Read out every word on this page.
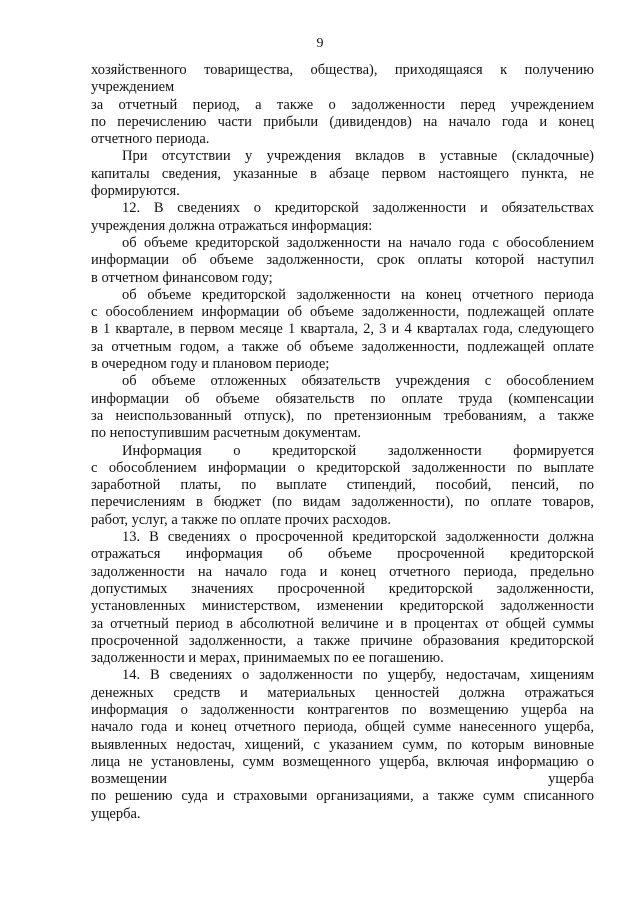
9
хозяйственного товарищества, общества), приходящаяся к получению
учреждением
за отчетный период, а также о задолженности перед учреждением
по перечислению части прибыли (дивидендов) на начало года и конец
отчетного периода.
При отсутствии у учреждения вкладов в уставные (складочные)
капиталы сведения, указанные в абзаце первом настоящего пункта, не
формируются.
12. В сведениях о кредиторской задолженности и обязательствах
учреждения должна отражаться информация:
об объеме кредиторской задолженности на начало года с обособлением
информации об объеме задолженности, срок оплаты которой наступил
в отчетном финансовом году;
об объеме кредиторской задолженности на конец отчетного периода
с обособлением информации об объеме задолженности, подлежащей оплате
в 1 квартале, в первом месяце 1 квартала, 2, 3 и 4 кварталах года, следующего
за отчетным годом, а также об объеме задолженности, подлежащей оплате
в очередном году и плановом периоде;
об объеме отложенных обязательств учреждения с обособлением
информации об объеме обязательств по оплате труда (компенсации
за неиспользованный отпуск), по претензионным требованиям, а также
по непоступившим расчетным документам.
Информация о кредиторской задолженности формируется
с обособлением информации о кредиторской задолженности по выплате
заработной платы, по выплате стипендий, пособий, пенсий, по
перечислениям в бюджет (по видам задолженности), по оплате товаров,
работ, услуг, а также по оплате прочих расходов.
13. В сведениях о просроченной кредиторской задолженности должна
отражаться информация об объеме просроченной кредиторской
задолженности на начало года и конец отчетного периода, предельно
допустимых значениях просроченной кредиторской задолженности,
установленных министерством, изменении кредиторской задолженности
за отчетный период в абсолютной величине и в процентах от общей суммы
просроченной задолженности, а также причине образования кредиторской
задолженности и мерах, принимаемых по ее погашению.
14. В сведениях о задолженности по ущербу, недостачам, хищениям
денежных средств и материальных ценностей должна отражаться
информация о задолженности контрагентов по возмещению ущерба на
начало года и конец отчетного периода, общей сумме нанесенного ущерба,
выявленных недостач, хищений, с указанием сумм, по которым виновные
лица не установлены, сумм возмещенного ущерба, включая информацию о
возмещении ущерба
по решению суда и страховыми организациями, а также сумм списанного
ущерба.
